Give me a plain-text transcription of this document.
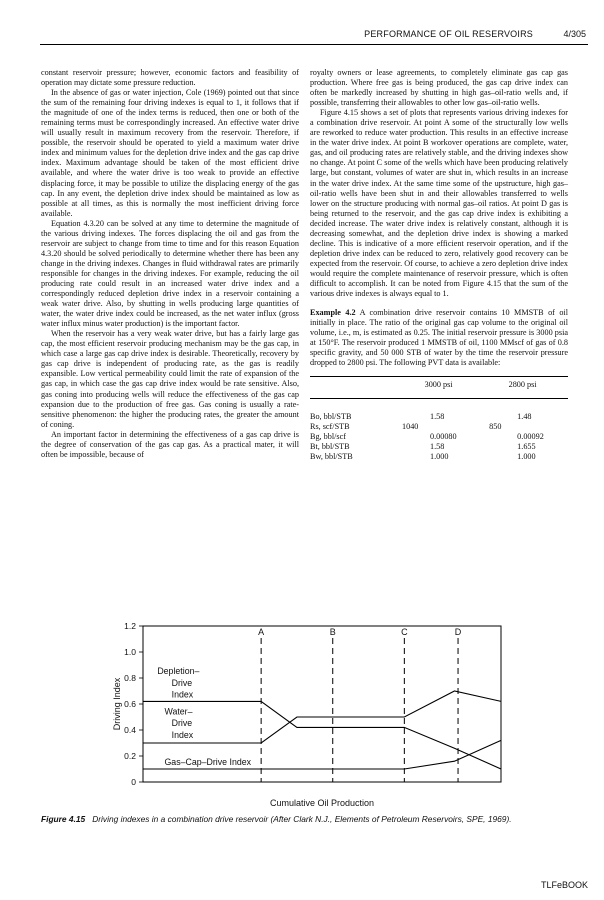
PERFORMANCE OF OIL RESERVOIRS	4/305

constant reservoir pressure; however, economic factors and feasibility of operation may dictate some pressure reduction.

In the absence of gas or water injection, Cole (1969) pointed out that since the sum of the remaining four driving indexes is equal to 1, it follows that if the magnitude of one of the index terms is reduced, then one or both of the remaining terms must be correspondingly increased. An effective water drive will usually result in maximum recovery from the reservoir. Therefore, if possible, the reservoir should be operated to yield a maximum water drive index and minimum values for the depletion drive index and the gas cap drive index. Maximum advantage should be taken of the most efficient drive available, and where the water drive is too weak to provide an effective displacing force, it may be possible to utilize the displacing energy of the gas cap. In any event, the depletion drive index should be maintained as low as possible at all times, as this is normally the most inefficient driving force available.

Equation 4.3.20 can be solved at any time to determine the magnitude of the various driving indexes. The forces displacing the oil and gas from the reservoir are subject to change from time to time and for this reason Equation 4.3.20 should be solved periodically to determine whether there has been any change in the driving indexes. Changes in fluid withdrawal rates are primarily responsible for changes in the driving indexes. For example, reducing the oil producing rate could result in an increased water drive index and a correspondingly reduced depletion drive index in a reservoir containing a weak water drive. Also, by shutting in wells producing large quantities of water, the water drive index could be increased, as the net water influx (gross water influx minus water production) is the important factor.

When the reservoir has a very weak water drive, but has a fairly large gas cap, the most efficient reservoir producing mechanism may be the gas cap, in which case a large gas cap drive index is desirable. Theoretically, recovery by gas cap drive is independent of producing rate, as the gas is readily expansible. Low vertical permeability could limit the rate of expansion of the gas cap, in which case the gas cap drive index would be rate sensitive. Also, gas coning into producing wells will reduce the effectiveness of the gas cap expansion due to the production of free gas. Gas coning is usually a rate-sensitive phenomenon: the higher the producing rates, the greater the amount of coning.

An important factor in determining the effectiveness of a gas cap drive is the degree of conservation of the gas cap gas. As a practical mater, it will often be impossible, because of

royalty owners or lease agreements, to completely eliminate gas cap gas production. Where free gas is being produced, the gas cap drive index can often be markedly increased by shutting in high gas–oil-ratio wells and, if possible, transferring their allowables to other low gas–oil-ratio wells.

Figure 4.15 shows a set of plots that represents various driving indexes for a combination drive reservoir. At point A some of the structurally low wells are reworked to reduce water production. This results in an effective increase in the water drive index. At point B workover operations are complete, water, gas, and oil producing rates are relatively stable, and the driving indexes show no change. At point C some of the wells which have been producing relatively large, but constant, volumes of water are shut in, which results in an increase in the water drive index. At the same time some of the upstructure, high gas–oil-ratio wells have been shut in and their allowables transferred to wells lower on the structure producing with normal gas–oil ratios. At point D gas is being returned to the reservoir, and the gas cap drive index is exhibiting a decided increase. The water drive index is relatively constant, although it is decreasing somewhat, and the depletion drive index is showing a marked decline. This is indicative of a more efficient reservoir operation, and if the depletion drive index can be reduced to zero, relatively good recovery can be expected from the reservoir. Of course, to achieve a zero depletion drive index would require the complete maintenance of reservoir pressure, which is often difficult to accomplish. It can be noted from Figure 4.15 that the sum of the various drive indexes is always equal to 1.

Example 4.2 A combination drive reservoir contains 10 MMSTB of oil initially in place. The ratio of the original gas cap volume to the original oil volume, i.e., m, is estimated as 0.25. The initial reservoir pressure is 3000 psia at 150°F. The reservoir produced 1 MMSTB of oil, 1100 MMscf of gas of 0.8 specific gravity, and 50 000 STB of water by the time the reservoir pressure dropped to 2800 psi. The following PVT data is available:

	3000 psi	2800 psi

Bo, bbl/STB	1.58	1.48
Rs, scf/STB	1040	850
Bg, bbl/scf	0.00080	0.00092
Bt, bbl/STB	1.58	1.655
Bw, bbl/STB	1.000	1.000
0
0.2
0.4
0.6
0.8
1.0
1.2
Driving Index
Cumulative Oil Production
A	B	C	D
Depletion–
Drive
Index
Water–
Drive
Index
Gas–Cap–Drive Index
Figure 4.15 Driving indexes in a combination drive reservoir (After Clark N.J., Elements of Petroleum Reservoirs, SPE, 1969).
TLFeBOOK
